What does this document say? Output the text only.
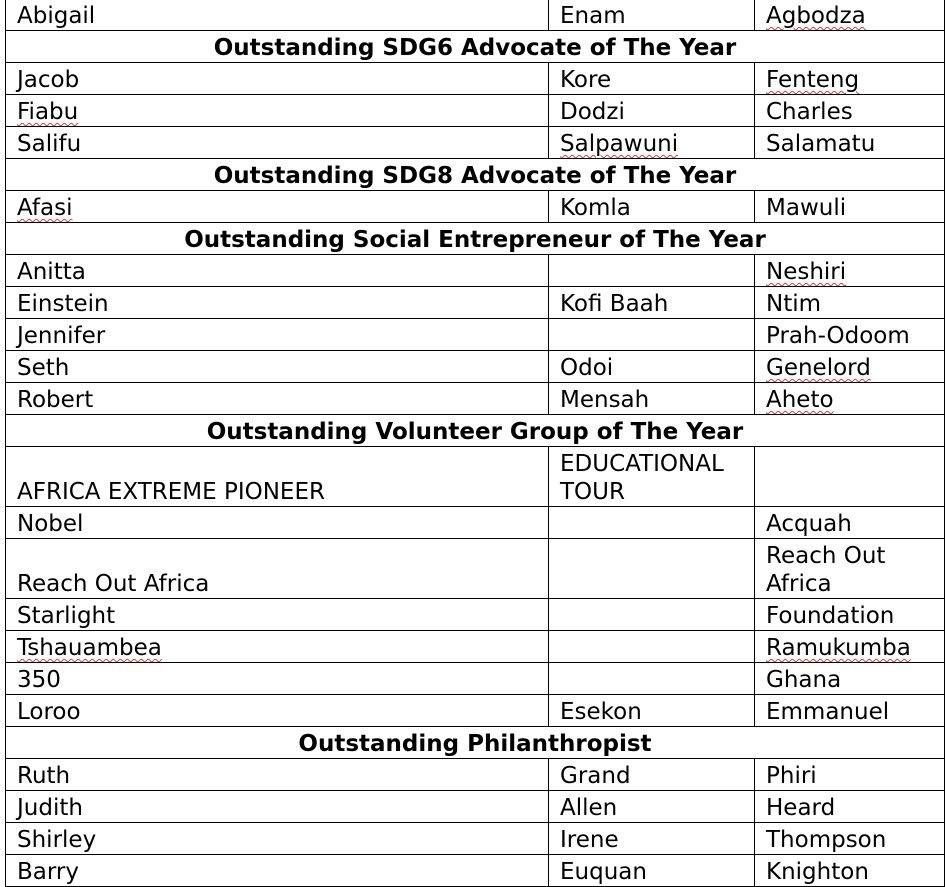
Abigail	Enam	Agbodza
Outstanding SDG6 Advocate of The Year		
Jacob	Kore	Fenteng
Fiabu	Dodzi	Charles
Salifu	Salpawuni	Salamatu
Outstanding SDG8 Advocate of The Year		
Afasi	Komla	Mawuli
Outstanding Social Entrepreneur of The Year		
Anitta		Neshiri
Einstein	Kofi Baah	Ntim
Jennifer		Prah-Odoom
Seth	Odoi	Genelord
Robert	Mensah	Aheto
Outstanding Volunteer Group of The Year		
AFRICA EXTREME PIONEER	EDUCATIONAL TOUR	
Nobel		Acquah
Reach Out Africa		Reach Out Africa
Starlight		Foundation
Tshauambea		Ramukumba
350		Ghana
Loroo	Esekon	Emmanuel
Outstanding Philanthropist		
Ruth	Grand	Phiri
Judith	Allen	Heard
Shirley	Irene	Thompson
Barry	Euquan	Knighton
